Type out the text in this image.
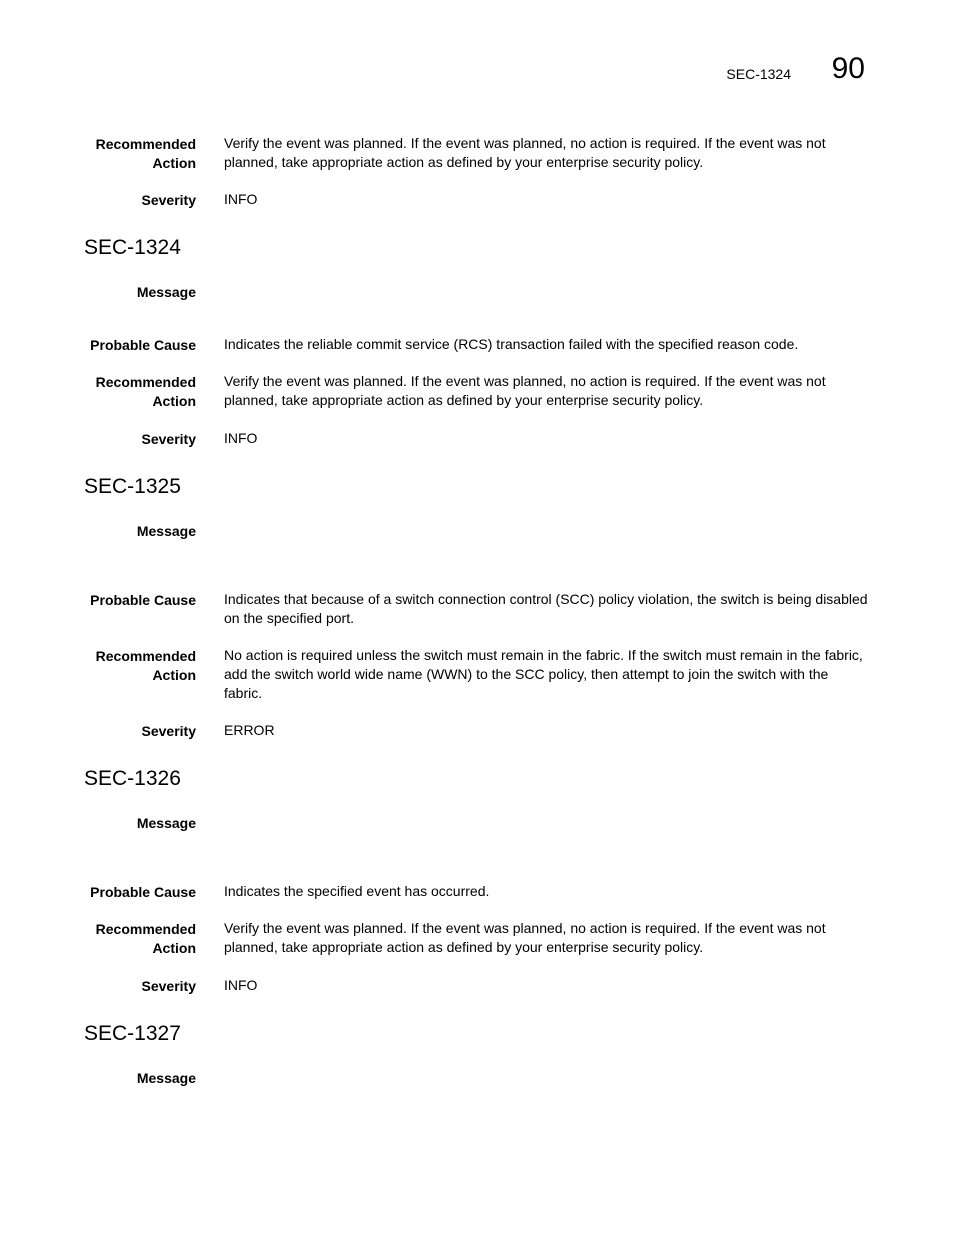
SEC-1324 90
Recommended
Action
Verify the event was planned. If the event was planned, no action is required. If the event was not planned, take appropriate action as defined by your enterprise security policy.
Severity INFO
SEC-1324
Message
Probable Cause Indicates the reliable commit service (RCS) transaction failed with the specified reason code.
Recommended
Action
Verify the event was planned. If the event was planned, no action is required. If the event was not planned, take appropriate action as defined by your enterprise security policy.
Severity INFO
SEC-1325
Message
Probable Cause Indicates that because of a switch connection control (SCC) policy violation, the switch is being disabled on the specified port.
Recommended
Action
No action is required unless the switch must remain in the fabric. If the switch must remain in the fabric, add the switch world wide name (WWN) to the SCC policy, then attempt to join the switch with the fabric.
Severity ERROR
SEC-1326
Message
Probable Cause Indicates the specified event has occurred.
Recommended
Action
Verify the event was planned. If the event was planned, no action is required. If the event was not planned, take appropriate action as defined by your enterprise security policy.
Severity INFO
SEC-1327
Message
